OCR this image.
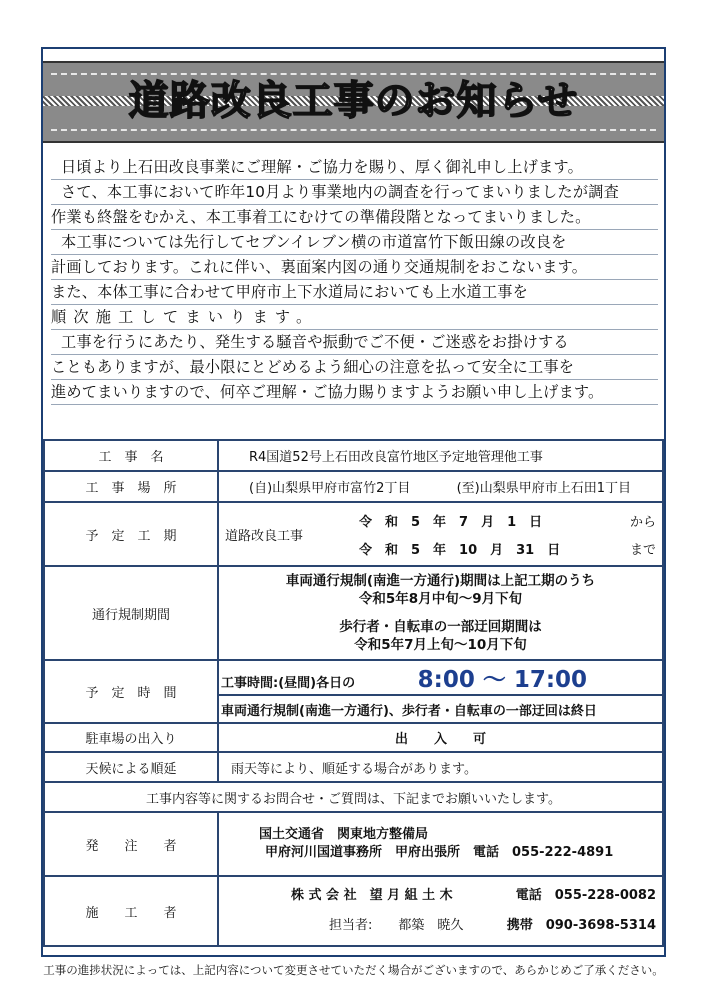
道路改良工事のお知らせ
日頃より上石田改良事業にご理解・ご協力を賜り、厚く御礼申し上げます。
さて、本工事において昨年10月より事業地内の調査を行ってまいりましたが調査
作業も終盤をむかえ、本工事着工にむけての準備段階となってまいりました。
本工事については先行してセブンイレブン横の市道富竹下飯田線の改良を
計画しております。これに伴い、裏面案内図の通り交通規制をおこないます。
また、本体工事に合わせて甲府市上下水道局においても上水道工事を
順次施工してまいります。
工事を行うにあたり、発生する騒音や振動でご不便・ご迷惑をお掛けする
こともありますが、最小限にとどめるよう細心の注意を払って安全に工事を
進めてまいりますので、何卒ご理解・ご協力賜りますようお願い申し上げます。
工　事　名	R4国道52号上石田改良富竹地区予定地管理他工事
工　事　場　所	(自)山梨県甲府市富竹2丁目 (至)山梨県甲府市上石田1丁目
予　定　工　期	道路改良工事
令　和　5　年　7　月　1　日 から
令　和　5　年　10　月　31　日 まで

通行規制期間	車両通行規制(南進一方通行)期間は上記工期のうち
令和5年8月中旬～9月下旬
歩行者・自転車の一部迂回期間は
令和5年7月上旬～10月下旬

予　定　時　間	工事時間:(昼間)各日の 8:00 ～ 17:00
	車両通行規制(南進一方通行)、歩行者・自転車の一部迂回は終日
駐車場の出入り	出　　入　　可
天候による順延	雨天等により、順延する場合があります。
工事内容等に関するお問合せ・ご質問は、下記までお願いいたします。	
発　　注　　者	国土交通省　関東地方整備局
甲府河川国道事務所　甲府出張所　電話　055-222-4891

施　　工　　者	株 式 会 社　望 月 組 土 木 電話　055-228-0082
担当者:　　都築　暁久 携帯　090-3698-5314
工事の進捗状況によっては、上記内容について変更させていただく場合がございますので、あらかじめご了承ください。
